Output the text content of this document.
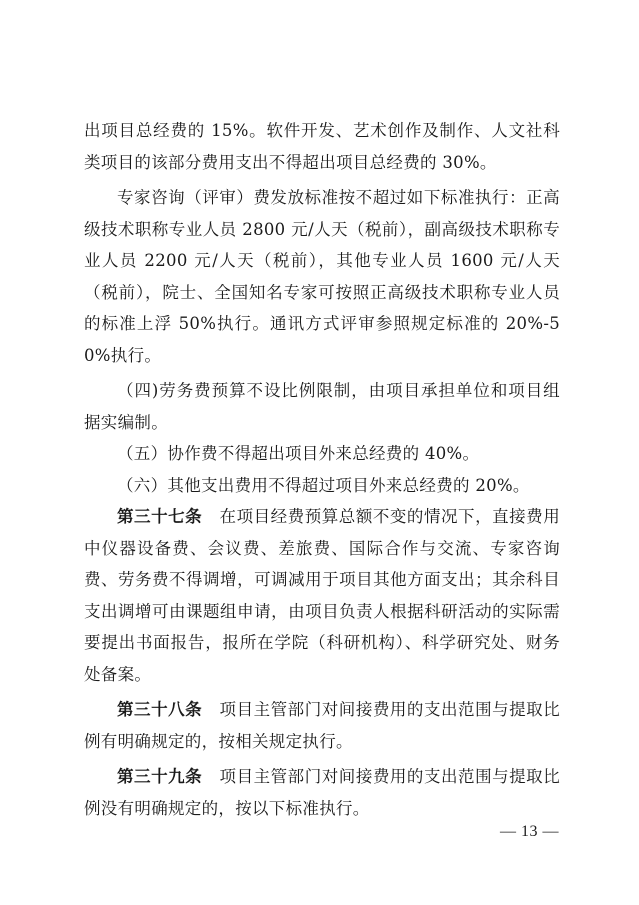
出项目总经费的 15%。软件开发、艺术创作及制作、人文社科类项目的该部分费用支出不得超出项目总经费的 30%。

专家咨询（评审）费发放标准按不超过如下标准执行：正高级技术职称专业人员 2800 元/人天（税前），副高级技术职称专业人员 2200 元/人天（税前），其他专业人员 1600 元/人天（税前），院士、全国知名专家可按照正高级技术职称专业人员的标准上浮 50%执行。通讯方式评审参照规定标准的 20%-50%执行。

（四)劳务费预算不设比例限制，由项目承担单位和项目组据实编制。

（五）协作费不得超出项目外来总经费的 40%。

（六）其他支出费用不得超过项目外来总经费的 20%。

第三十七条 在项目经费预算总额不变的情况下，直接费用中仪器设备费、会议费、差旅费、国际合作与交流、专家咨询费、劳务费不得调增，可调减用于项目其他方面支出；其余科目支出调增可由课题组申请，由项目负责人根据科研活动的实际需要提出书面报告，报所在学院（科研机构）、科学研究处、财务处备案。

第三十八条 项目主管部门对间接费用的支出范围与提取比例有明确规定的，按相关规定执行。

第三十九条 项目主管部门对间接费用的支出范围与提取比例没有明确规定的，按以下标准执行。

— 13 —
